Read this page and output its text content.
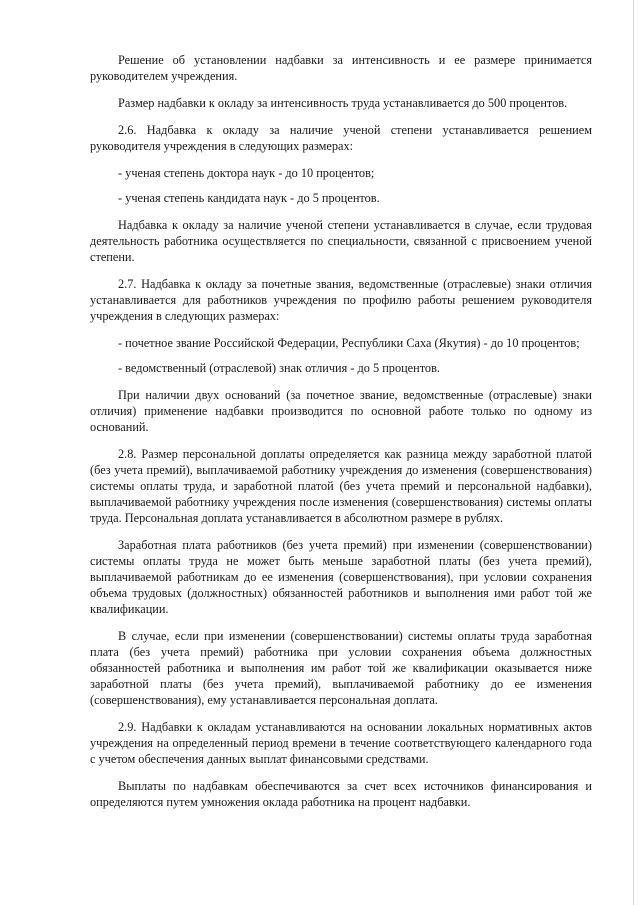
Решение об установлении надбавки за интенсивность и ее размере принимается руководителем учреждения.

Размер надбавки к окладу за интенсивность труда устанавливается до 500 процентов.

2.6. Надбавка к окладу за наличие ученой степени устанавливается решением руководителя учреждения в следующих размерах:

- ученая степень доктора наук - до 10 процентов;

- ученая степень кандидата наук - до 5 процентов.

Надбавка к окладу за наличие ученой степени устанавливается в случае, если трудовая деятельность работника осуществляется по специальности, связанной с присвоением ученой степени.

2.7. Надбавка к окладу за почетные звания, ведомственные (отраслевые) знаки отличия устанавливается для работников учреждения по профилю работы решением руководителя учреждения в следующих размерах:

- почетное звание Российской Федерации, Республики Саха (Якутия) - до 10 процентов;

- ведомственный (отраслевой) знак отличия - до 5 процентов.

При наличии двух оснований (за почетное звание, ведомственные (отраслевые) знаки отличия) применение надбавки производится по основной работе только по одному из оснований.

2.8. Размер персональной доплаты определяется как разница между заработной платой (без учета премий), выплачиваемой работнику учреждения до изменения (совершенствования) системы оплаты труда, и заработной платой (без учета премий и персональной надбавки), выплачиваемой работнику учреждения после изменения (совершенствования) системы оплаты труда. Персональная доплата устанавливается в абсолютном размере в рублях.

Заработная плата работников (без учета премий) при изменении (совершенствовании) системы оплаты труда не может быть меньше заработной платы (без учета премий), выплачиваемой работникам до ее изменения (совершенствования), при условии сохранения объема трудовых (должностных) обязанностей работников и выполнения ими работ той же квалификации.

В случае, если при изменении (совершенствовании) системы оплаты труда заработная плата (без учета премий) работника при условии сохранения объема должностных обязанностей работника и выполнения им работ той же квалификации оказывается ниже заработной платы (без учета премий), выплачиваемой работнику до ее изменения (совершенствования), ему устанавливается персональная доплата.

2.9. Надбавки к окладам устанавливаются на основании локальных нормативных актов учреждения на определенный период времени в течение соответствующего календарного года с учетом обеспечения данных выплат финансовыми средствами.

Выплаты по надбавкам обеспечиваются за счет всех источников финансирования и определяются путем умножения оклада работника на процент надбавки.
